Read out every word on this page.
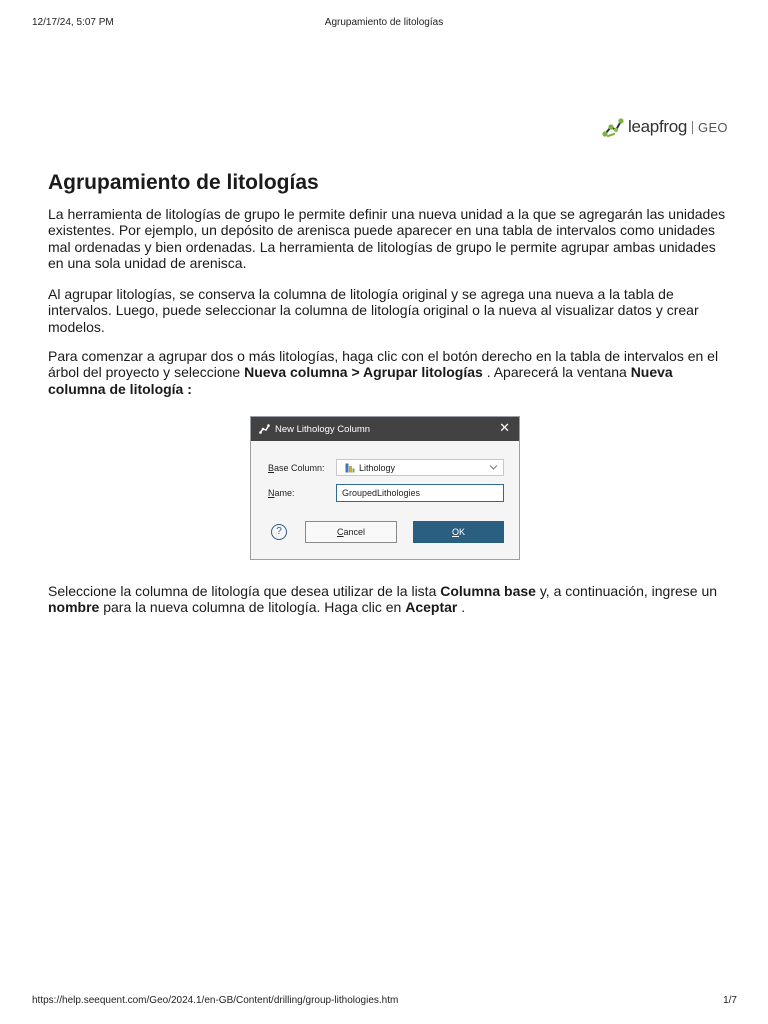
12/17/24, 5:07 PM	Agrupamiento de litologías
leapfrog GEO
Agrupamiento de litologías

La herramienta de litologías de grupo le permite definir una nueva unidad a la que se agregarán las unidades existentes. Por ejemplo, un depósito de arenisca puede aparecer en una tabla de intervalos como unidades mal ordenadas y bien ordenadas. La herramienta de litologías de grupo le permite agrupar ambas unidades en una sola unidad de arenisca.

Al agrupar litologías, se conserva la columna de litología original y se agrega una nueva a la tabla de intervalos. Luego, puede seleccionar la columna de litología original o la nueva al visualizar datos y crear modelos.

Para comenzar a agrupar dos o más litologías, haga clic con el botón derecho en la tabla de intervalos en el árbol del proyecto y seleccione Nueva columna > Agrupar litologías . Aparecerá la ventana Nueva columna de litología :

New Lithology Column	✕
Base Column:	Lithology
Name:	GroupedLithologies
?	C ancel	O K

Seleccione la columna de litología que desea utilizar de la lista Columna base y, a continuación, ingrese un nombre para la nueva columna de litología. Haga clic en Aceptar .

https://help.seequent.com/Geo/2024.1/en-GB/Content/drilling/group-lithologies.htm	1/7
